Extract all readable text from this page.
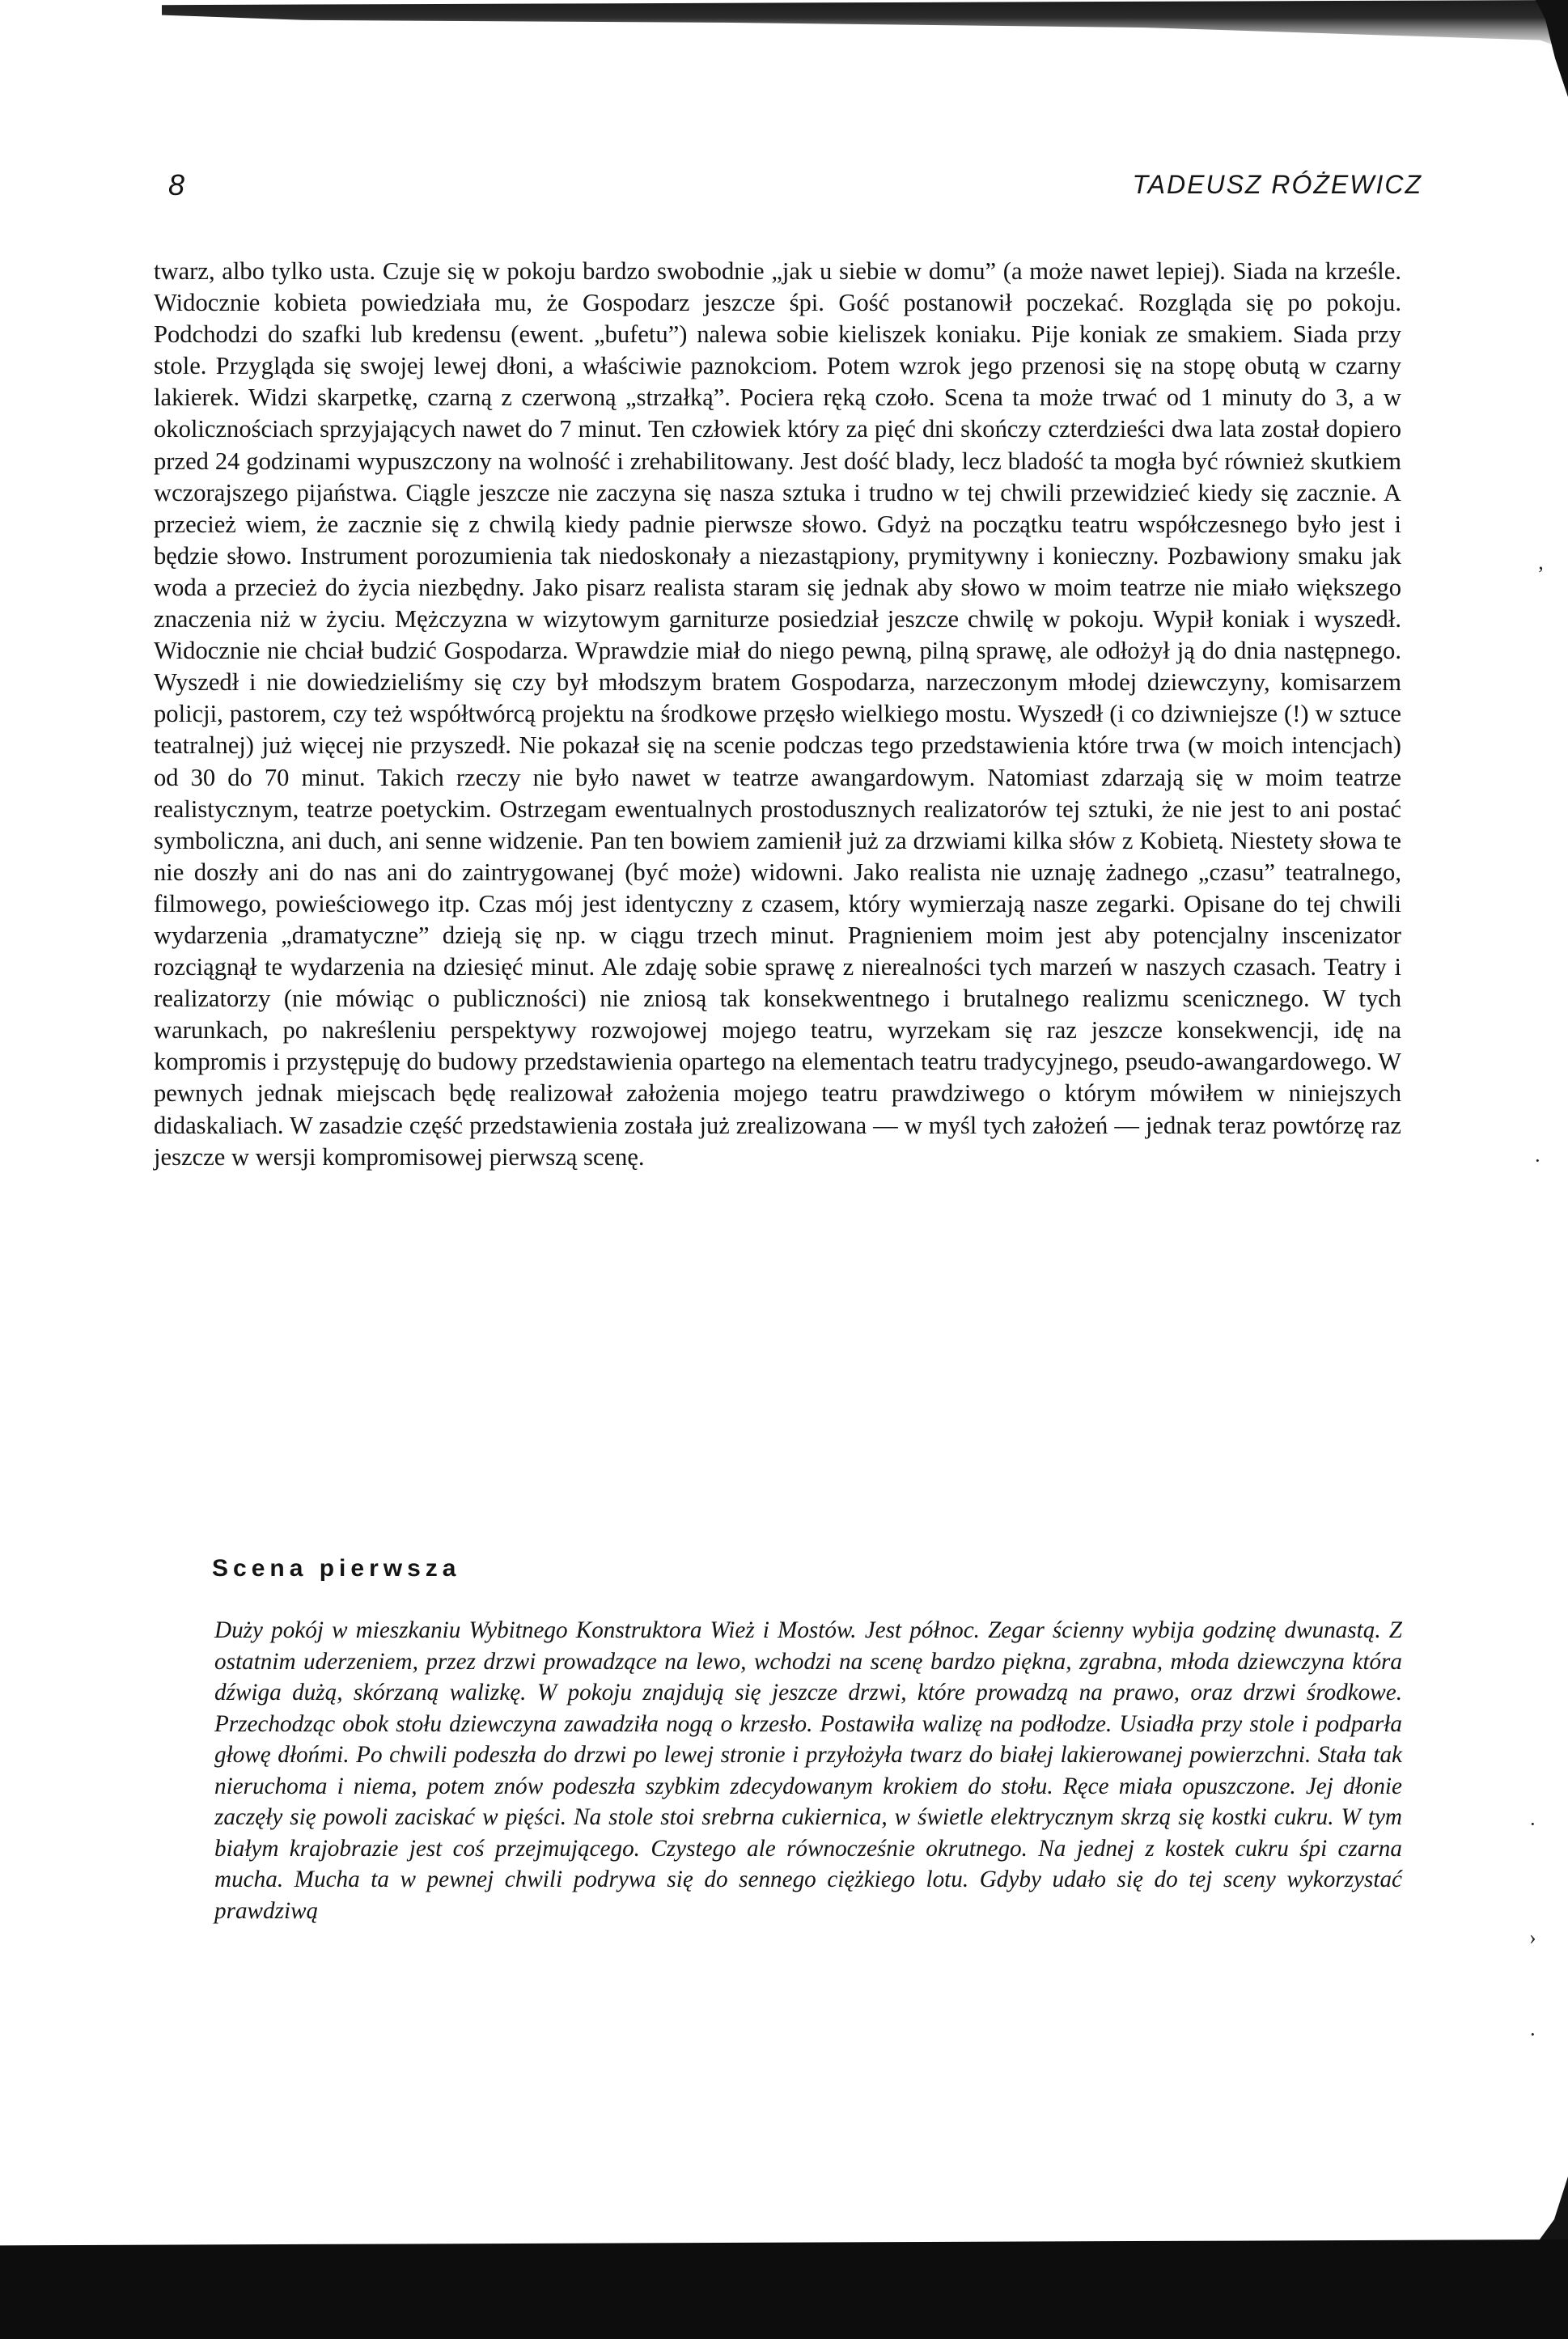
8	TADEUSZ RÓŻEWICZ

twarz, albo tylko usta. Czuje się w pokoju bardzo swobodnie „jak u siebie w domu” (a może nawet lepiej). Siada na krześle. Widocznie kobieta powiedziała mu, że Gospodarz jeszcze śpi. Gość postanowił poczekać. Rozgląda się po pokoju. Podchodzi do szafki lub kredensu (ewent. „bufetu”) nalewa sobie kieliszek koniaku. Pije koniak ze smakiem. Siada przy stole. Przygląda się swojej lewej dłoni, a właściwie paznokciom. Potem wzrok jego przenosi się na stopę obutą w czarny lakierek. Widzi skarpetkę, czarną z czerwoną „strzałką”. Pociera ręką czoło. Scena ta może trwać od 1 minuty do 3, a w okolicznościach sprzyjających nawet do 7 minut. Ten człowiek który za pięć dni skończy czterdzieści dwa lata został dopiero przed 24 godzinami wypuszczony na wolność i zrehabilitowany. Jest dość blady, lecz bladość ta mogła być również skutkiem wczorajszego pijaństwa. Ciągle jeszcze nie zaczyna się nasza sztuka i trudno w tej chwili przewidzieć kiedy się zacznie. A przecież wiem, że zacznie się z chwilą kiedy padnie pierwsze słowo. Gdyż na początku teatru współczesnego było jest i będzie słowo. Instrument porozumienia tak niedoskonały a niezastąpiony, prymitywny i konieczny. Pozbawiony smaku jak woda a przecież do życia niezbędny. Jako pisarz realista staram się jednak aby słowo w moim teatrze nie miało większego znaczenia niż w życiu. Mężczyzna w wizytowym garniturze posiedział jeszcze chwilę w pokoju. Wypił koniak i wyszedł. Widocznie nie chciał budzić Gospodarza. Wprawdzie miał do niego pewną, pilną sprawę, ale odłożył ją do dnia następnego. Wyszedł i nie dowiedzieliśmy się czy był młodszym bratem Gospodarza, narzeczonym młodej dziewczyny, komisarzem policji, pastorem, czy też współtwórcą projektu na środkowe przęsło wielkiego mostu. Wyszedł (i co dziwniejsze (!) w sztuce teatralnej) już więcej nie przyszedł. Nie pokazał się na scenie podczas tego przedstawienia które trwa (w moich intencjach) od 30 do 70 minut. Takich rzeczy nie było nawet w teatrze awangardowym. Natomiast zdarzają się w moim teatrze realistycznym, teatrze poetyckim. Ostrzegam ewentualnych prostodusznych realizatorów tej sztuki, że nie jest to ani postać symboliczna, ani duch, ani senne widzenie. Pan ten bowiem zamienił już za drzwiami kilka słów z Kobietą. Niestety słowa te nie doszły ani do nas ani do zaintrygowanej (być może) widowni. Jako realista nie uznaję żadnego „czasu” teatralnego, filmowego, powieściowego itp. Czas mój jest identyczny z czasem, który wymierzają nasze zegarki. Opisane do tej chwili wydarzenia „dramatyczne” dzieją się np. w ciągu trzech minut. Pragnieniem moim jest aby potencjalny inscenizator rozciągnął te wydarzenia na dziesięć minut. Ale zdaję sobie sprawę z nierealności tych marzeń w naszych czasach. Teatry i realizatorzy (nie mówiąc o publiczności) nie zniosą tak konsekwentnego i brutalnego realizmu scenicznego. W tych warunkach, po nakreśleniu perspektywy rozwojowej mojego teatru, wyrzekam się raz jeszcze konsekwencji, idę na kompromis i przystępuję do budowy przedstawienia opartego na elementach teatru tradycyjnego, pseudo-awangardowego. W pewnych jednak miejscach będę realizował założenia mojego teatru prawdziwego o którym mówiłem w niniejszych didaskaliach. W zasadzie część przedstawienia została już zrealizowana — w myśl tych założeń — jednak teraz powtórzę raz jeszcze w wersji kompromisowej pierwszą scenę.

Scena pierwsza

Duży pokój w mieszkaniu Wybitnego Konstruktora Wież i Mostów. Jest północ. Zegar ścienny wybija godzinę dwunastą. Z ostatnim uderzeniem, przez drzwi prowadzące na lewo, wchodzi na scenę bardzo piękna, zgrabna, młoda dziewczyna która dźwiga dużą, skórzaną walizkę. W pokoju znajdują się jeszcze drzwi, które prowadzą na prawo, oraz drzwi środkowe. Przechodząc obok stołu dziewczyna zawadziła nogą o krzesło. Postawiła walizę na podłodze. Usiadła przy stole i podparła głowę dłońmi. Po chwili podeszła do drzwi po lewej stronie i przyłożyła twarz do białej lakierowanej powierzchni. Stała tak nieruchoma i niema, potem znów podeszła szybkim zdecydowanym krokiem do stołu. Ręce miała opuszczone. Jej dłonie zaczęły się powoli zaciskać w pięści. Na stole stoi srebrna cukiernica, w świetle elektrycznym skrzą się kostki cukru. W tym białym krajobrazie jest coś przejmującego. Czystego ale równocześnie okrutnego. Na jednej z kostek cukru śpi czarna mucha. Mucha ta w pewnej chwili podrywa się do sennego ciężkiego lotu. Gdyby udało się do tej sceny wykorzystać prawdziwą

‚
·
·
›
·
